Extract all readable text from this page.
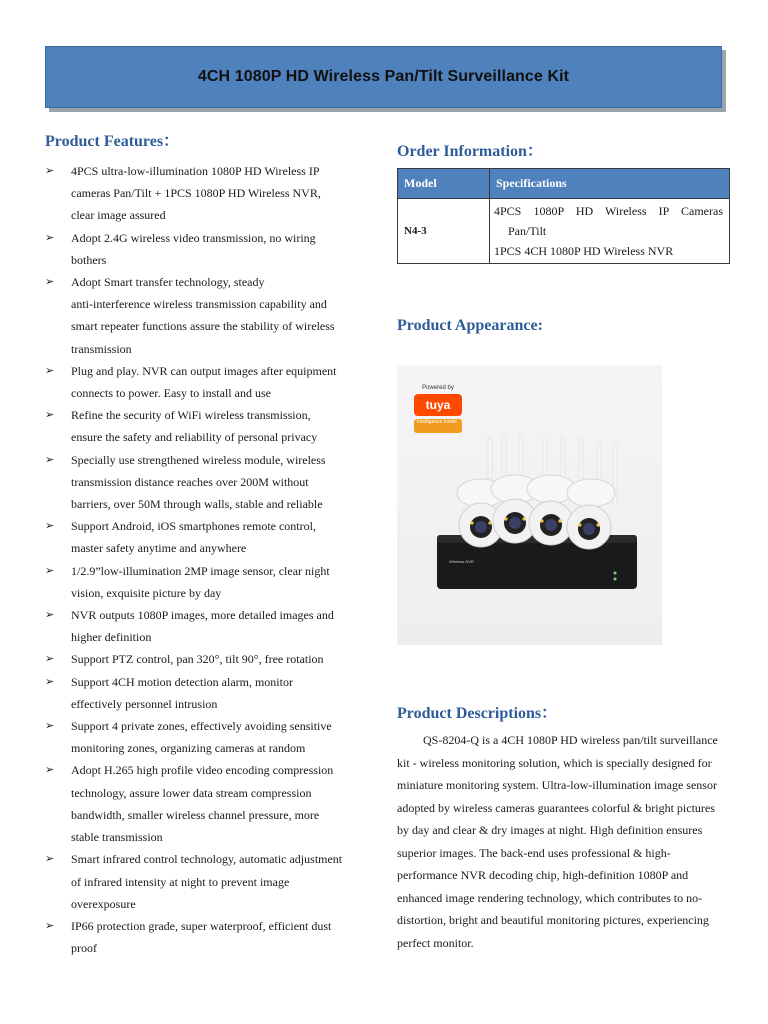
4CH 1080P HD Wireless Pan/Tilt Surveillance Kit
Product Features：
➢ 4PCS ultra-low-illumination 1080P HD Wireless IP
cameras Pan/Tilt + 1PCS 1080P HD Wireless NVR,
clear image assured
➢ Adopt 2.4G wireless video transmission, no wiring
bothers
➢ Adopt Smart transfer technology, steady
anti-interference wireless transmission capability and
smart repeater functions assure the stability of wireless
transmission
➢ Plug and play. NVR can output images after equipment
connects to power. Easy to install and use
➢ Refine the security of WiFi wireless transmission,
ensure the safety and reliability of personal privacy
➢ Specially use strengthened wireless module, wireless
transmission distance reaches over 200M without
barriers, over 50M through walls, stable and reliable
➢ Support Android, iOS smartphones remote control,
master safety anytime and anywhere
➢ 1/2.9”low-illumination 2MP image sensor, clear night
vision, exquisite picture by day
➢ NVR outputs 1080P images, more detailed images and
higher definition
➢ Support PTZ control, pan 320°, tilt 90°, free rotation
➢ Support 4CH motion detection alarm, monitor
effectively personnel intrusion
➢ Support 4 private zones, effectively avoiding sensitive
monitoring zones, organizing cameras at random
➢ Adopt H.265 high profile video encoding compression
technology, assure lower data stream compression
bandwidth, smaller wireless channel pressure, more
stable transmission
➢ Smart infrared control technology, automatic adjustment
of infrared intensity at night to prevent image
overexposure
➢ IP66 protection grade, super waterproof, efficient dust
proof
Order Information：
Model	Specifications
N4-3	4PCS 1080P HD Wireless IP Cameras
Pan/Tilt
1PCS 4CH 1080P HD Wireless NVR
Product Appearance:
Wireless NVR
Powered by
tuya
Intelligence Inside
Product Descriptions：

QS-8204-Q is a 4CH 1080P HD wireless pan/tilt surveillance kit - wireless monitoring solution, which is specially designed for miniature monitoring system. Ultra-low-illumination image sensor adopted by wireless cameras guarantees colorful & bright pictures by day and clear & dry images at night. High definition ensures superior images. The back-end uses professional & high-performance NVR decoding chip, high-definition 1080P and enhanced image rendering technology, which contributes to no-distortion, bright and beautiful monitoring pictures, experiencing perfect monitor.
